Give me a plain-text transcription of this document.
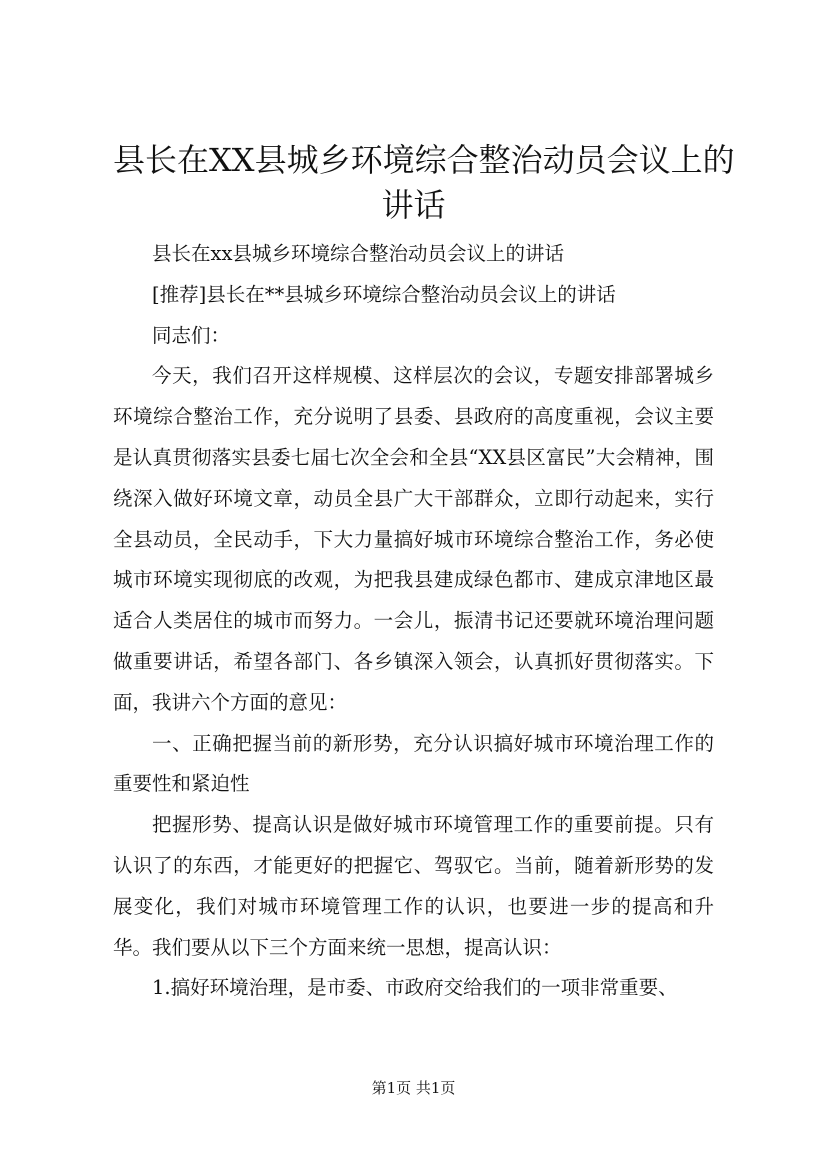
县长在XX县城乡环境综合整治动员会议上的
讲话

县长在xx县城乡环境综合整治动员会议上的讲话

[推荐]县长在**县城乡环境综合整治动员会议上的讲话

同志们：

今天，我们召开这样规模、这样层次的会议，专题安排部署城乡环境综合整治工作，充分说明了县委、县政府的高度重视，会议主要是认真贯彻落实县委七届七次全会和全县“XX县区富民”大会精神，围绕深入做好环境文章，动员全县广大干部群众，立即行动起来，实行全县动员，全民动手，下大力量搞好城市环境综合整治工作，务必使城市环境实现彻底的改观，为把我县建成绿色都市、建成京津地区最适合人类居住的城市而努力。一会儿，振清书记还要就环境治理问题做重要讲话，希望各部门、各乡镇深入领会，认真抓好贯彻落实。下面，我讲六个方面的意见：

一、正确把握当前的新形势，充分认识搞好城市环境治理工作的重要性和紧迫性

把握形势、提高认识是做好城市环境管理工作的重要前提。只有认识了的东西，才能更好的把握它、驾驭它。当前，随着新形势的发展变化，我们对城市环境管理工作的认识，也要进一步的提高和升华。我们要从以下三个方面来统一思想，提高认识：

1.搞好环境治理，是市委、市政府交给我们的一项非常重要、

第1页 共1页
